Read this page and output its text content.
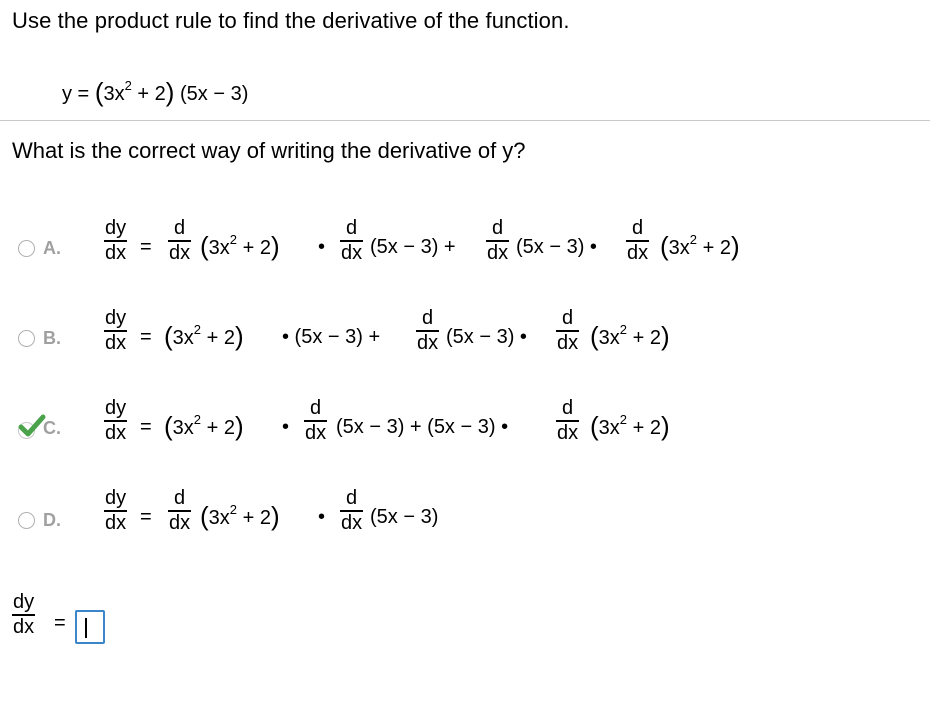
Use the product rule to find the derivative of the function.
$y = (3x^2 + 2) (5x - 3)$
What is the correct way of writing the derivative of y?
A.
dy
dx =
d
dx $(3x^2 + 2)$ •
d
dx (5x − 3) +
d
dx (5x − 3) •
d
dx $(3x^2 + 2)$
B.
dy
dx = $(3x^2 + 2)$ • (5x − 3) +
d
dx (5x − 3) •
d
dx $(3x^2 + 2)$
C.
dy
dx = $(3x^2 + 2)$ •
d
dx (5x − 3) + (5x − 3) •
d
dx $(3x^2 + 2)$
D.
dy
dx =
d
dx $(3x^2 + 2)$ •
d
dx (5x − 3)
dy
dx =
